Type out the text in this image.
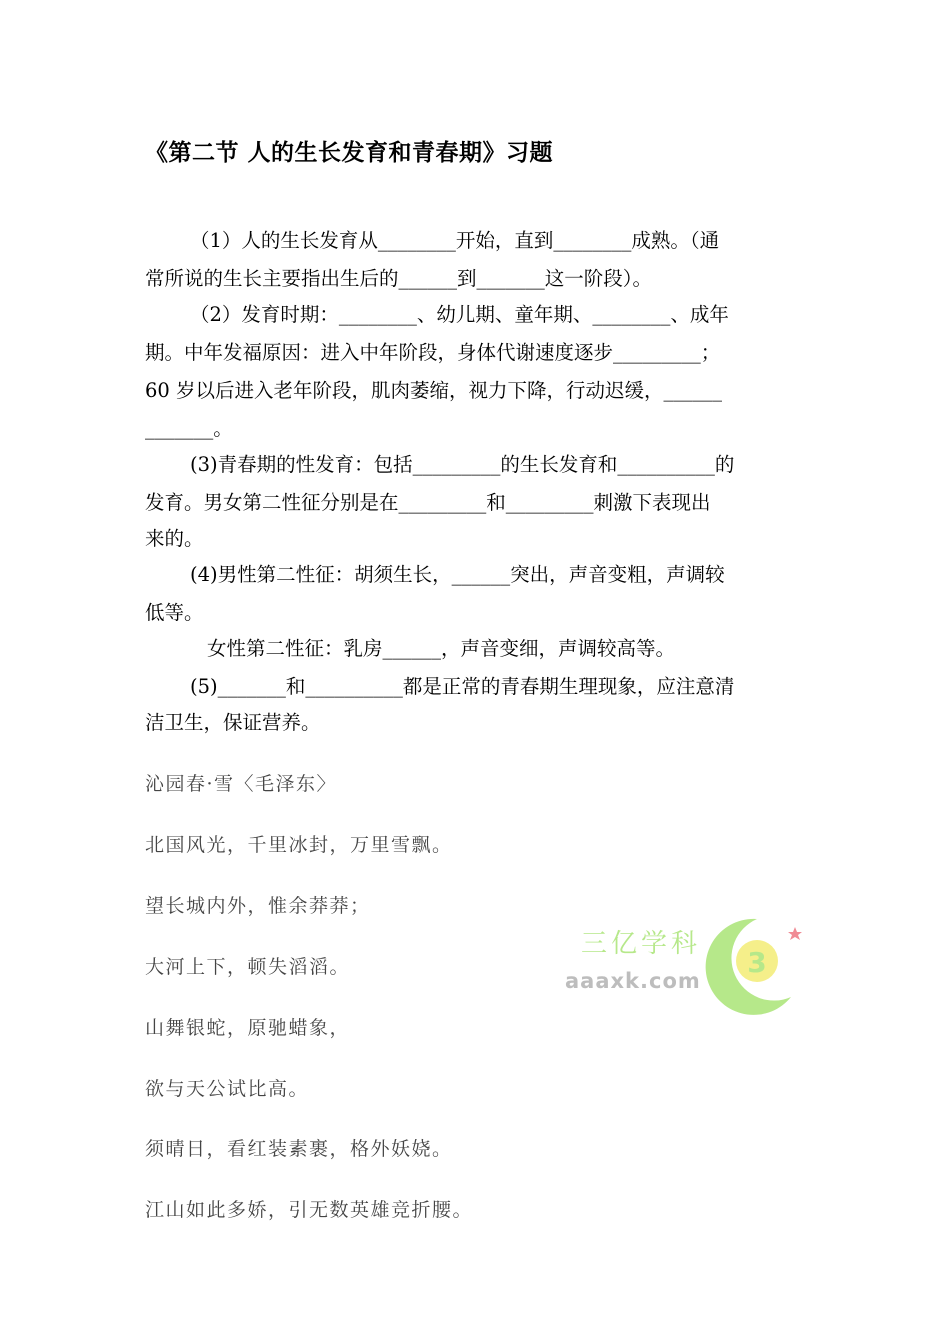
《第二节 人的生长发育和青春期》习题
（1）人的生长发育从________开始，直到________成熟。（通
常所说的生长主要指出生后的______到_______这一阶段）。
（2）发育时期：________、幼儿期、童年期、________、成年
期。中年发福原因：进入中年阶段，身体代谢速度逐步_________；
60 岁以后进入老年阶段，肌肉萎缩，视力下降，行动迟缓，______
_______。
(3)青春期的性发育：包括_________的生长发育和__________的
发育。男女第二性征分别是在_________和_________刺激下表现出
来的。
(4)男性第二性征：胡须生长，______突出，声音变粗，声调较
低等。
女性第二性征：乳房______，声音变细，声调较高等。
(5)_______和__________都是正常的青春期生理现象，应注意清
洁卫生，保证营养。
沁园春·雪〈毛泽东〉
北国风光，千里冰封，万里雪飘。
望长城内外，惟余莽莽；
大河上下，顿失滔滔。
山舞银蛇，原驰蜡象，
欲与天公试比高。
须晴日，看红装素裹，格外妖娆。
江山如此多娇，引无数英雄竞折腰。
三亿学科
aaaxk.com
3
